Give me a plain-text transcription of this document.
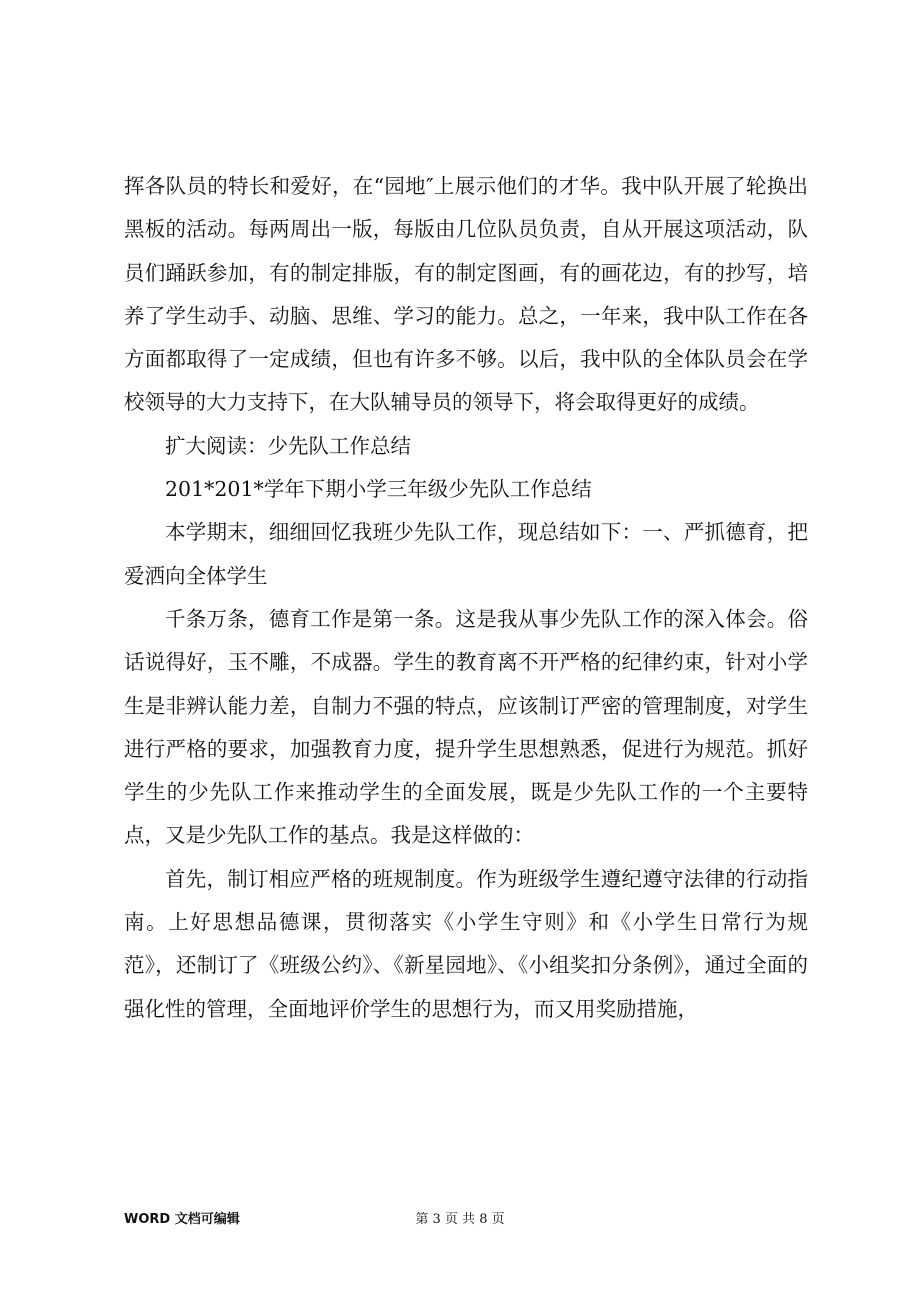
挥各队员的特长和爱好，在“园地″上展示他们的才华。我中队开展了轮换出黑板的活动。每两周出一版，每版由几位队员负责，自从开展这项活动，队员们踊跃参加，有的制定排版，有的制定图画，有的画花边，有的抄写，培养了学生动手、动脑、思维、学习的能力。总之，一年来，我中队工作在各方面都取得了一定成绩，但也有许多不够。以后，我中队的全体队员会在学校领导的大力支持下，在大队辅导员的领导下，将会取得更好的成绩。

扩大阅读：少先队工作总结

201*201*学年下期小学三年级少先队工作总结

本学期末，细细回忆我班少先队工作，现总结如下：一、严抓德育，把爱洒向全体学生

千条万条，德育工作是第一条。这是我从事少先队工作的深入体会。俗话说得好，玉不雕，不成器。学生的教育离不开严格的纪律约束，针对小学生是非辨认能力差，自制力不强的特点，应该制订严密的管理制度，对学生进行严格的要求，加强教育力度，提升学生思想熟悉，促进行为规范。抓好学生的少先队工作来推动学生的全面发展，既是少先队工作的一个主要特点，又是少先队工作的基点。我是这样做的：

首先，制订相应严格的班规制度。作为班级学生遵纪遵守法律的行动指南。上好思想品德课，贯彻落实《小学生守则》和《小学生日常行为规范》，还制订了《班级公约》、《新星园地》、《小组奖扣分条例》，通过全面的强化性的管理，全面地评价学生的思想行为，而又用奖励措施，

WORD 文档可编辑	第 3 页 共 8 页
